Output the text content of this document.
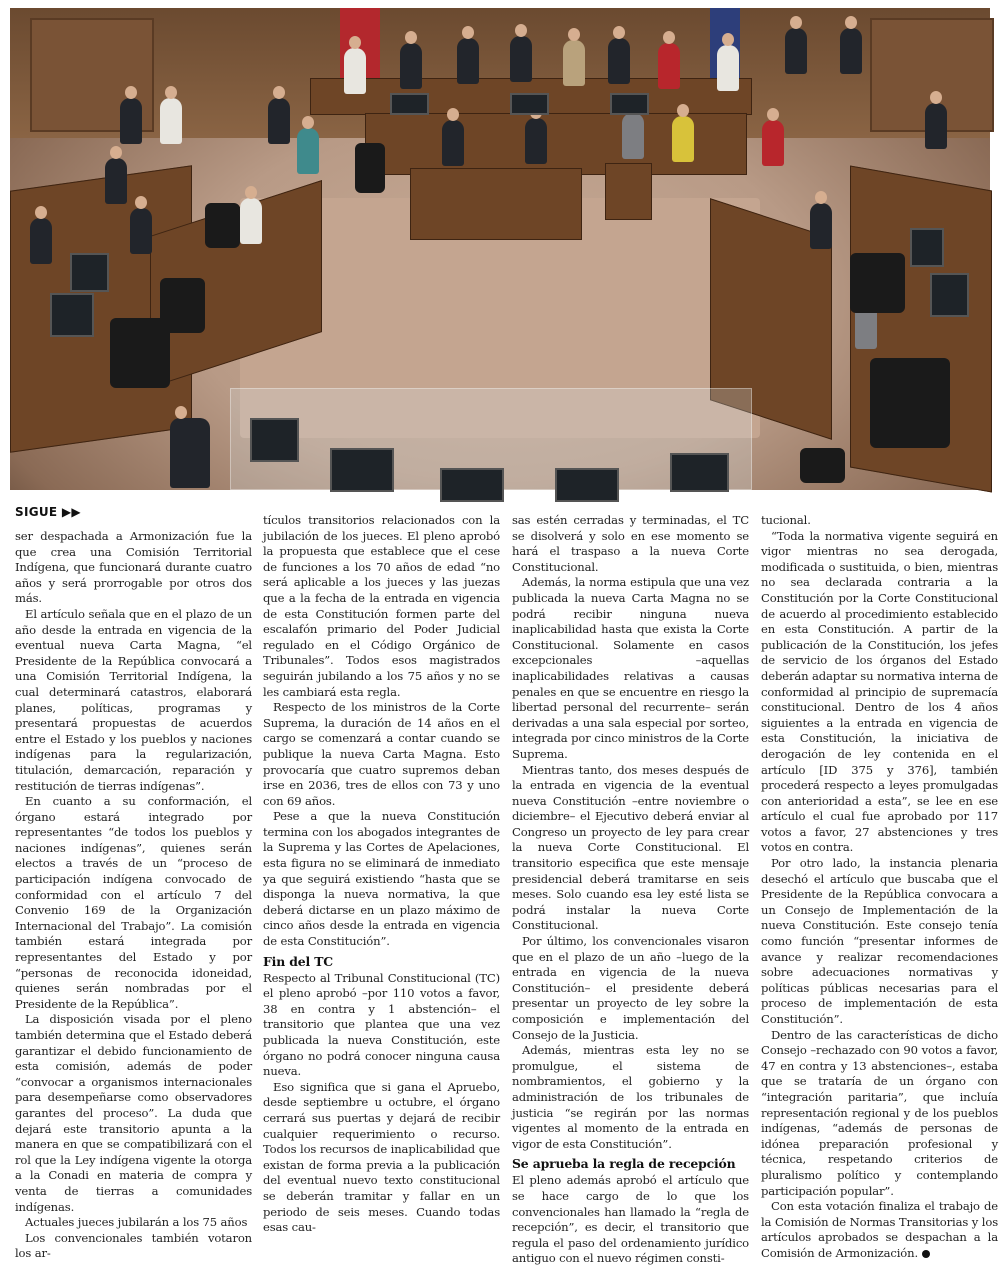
SIGUE ▶▶

ser despachada a Armonización fue la que crea una Comisión Territorial Indígena, que funcionará durante cuatro años y será prorrogable por otros dos más.

El artículo señala que en el plazo de un año desde la entrada en vigencia de la eventual nueva Carta Magna, “el Presidente de la República convocará a una Comisión Territorial Indígena, la cual determinará catastros, elaborará planes, políticas, programas y presentará propuestas de acuerdos entre el Estado y los pueblos y naciones indígenas para la regularización, titulación, demarcación, reparación y restitución de tierras indígenas”.

En cuanto a su conformación, el órgano estará integrado por representantes “de todos los pueblos y naciones indígenas”, quienes serán electos a través de un “proceso de participación indígena convocado de conformidad con el artículo 7 del Convenio 169 de la Organización Internacional del Trabajo”. La comisión también estará integrada por representantes del Estado y por “personas de reconocida idoneidad, quienes serán nombradas por el Presidente de la República”.

La disposición visada por el pleno también determina que el Estado deberá garantizar el debido funcionamiento de esta comisión, además de poder “convocar a organismos internacionales para desempeñarse como observadores garantes del proceso”. La duda que dejará este transitorio apunta a la manera en que se compatibilizará con el rol que la Ley indígena vigente la otorga a la Conadi en materia de compra y venta de tierras a comunidades indígenas.

Actuales jueces jubilarán a los 75 años

Los convencionales también votaron los ar-

tículos transitorios relacionados con la jubilación de los jueces. El pleno aprobó la propuesta que establece que el cese de funciones a los 70 años de edad “no será aplicable a los jueces y las juezas que a la fecha de la entrada en vigencia de esta Constitución formen parte del escalafón primario del Poder Judicial regulado en el Código Orgánico de Tribunales”. Todos esos magistrados seguirán jubilando a los 75 años y no se les cambiará esta regla.

Respecto de los ministros de la Corte Suprema, la duración de 14 años en el cargo se comenzará a contar cuando se publique la nueva Carta Magna. Esto provocaría que cuatro supremos deban irse en 2036, tres de ellos con 73 y uno con 69 años.

Pese a que la nueva Constitución termina con los abogados integrantes de la Suprema y las Cortes de Apelaciones, esta figura no se eliminará de inmediato ya que seguirá existiendo “hasta que se disponga la nueva normativa, la que deberá dictarse en un plazo máximo de cinco años desde la entrada en vigencia de esta Constitución”.

Fin del TC

Respecto al Tribunal Constitucional (TC) el pleno aprobó –por 110 votos a favor, 38 en contra y 1 abstención– el transitorio que plantea que una vez publicada la nueva Constitución, este órgano no podrá conocer ninguna causa nueva.

Eso significa que si gana el Apruebo, desde septiembre u octubre, el órgano cerrará sus puertas y dejará de recibir cualquier requerimiento o recurso. Todos los recursos de inaplicabilidad que existan de forma previa a la publicación del eventual nuevo texto constitucional se deberán tramitar y fallar en un periodo de seis meses. Cuando todas esas cau-

sas estén cerradas y terminadas, el TC se disolverá y solo en ese momento se hará el traspaso a la nueva Corte Constitucional.

Además, la norma estipula que una vez publicada la nueva Carta Magna no se podrá recibir ninguna nueva inaplicabilidad hasta que exista la Corte Constitucional. Solamente en casos excepcionales –aquellas inaplicabilidades relativas a causas penales en que se encuentre en riesgo la libertad personal del recurrente– serán derivadas a una sala especial por sorteo, integrada por cinco ministros de la Corte Suprema.

Mientras tanto, dos meses después de la entrada en vigencia de la eventual nueva Constitución –entre noviembre o diciembre– el Ejecutivo deberá enviar al Congreso un proyecto de ley para crear la nueva Corte Constitucional. El transitorio especifica que este mensaje presidencial deberá tramitarse en seis meses. Solo cuando esa ley esté lista se podrá instalar la nueva Corte Constitucional.

Por último, los convencionales visaron que en el plazo de un año –luego de la entrada en vigencia de la nueva Constitución– el presidente deberá presentar un proyecto de ley sobre la composición e implementación del Consejo de la Justicia.

Además, mientras esta ley no se promulgue, el sistema de nombramientos, el gobierno y la administración de los tribunales de justicia “se regirán por las normas vigentes al momento de la entrada en vigor de esta Constitución”.

Se aprueba la regla de recepción

El pleno además aprobó el artículo que se hace cargo de lo que los convencionales han llamado la “regla de recepción”, es decir, el transitorio que regula el paso del ordenamiento jurídico antiguo con el nuevo régimen consti-

tucional.

“Toda la normativa vigente seguirá en vigor mientras no sea derogada, modificada o sustituida, o bien, mientras no sea declarada contraria a la Constitución por la Corte Constitucional de acuerdo al procedimiento establecido en esta Constitución. A partir de la publicación de la Constitución, los jefes de servicio de los órganos del Estado deberán adaptar su normativa interna de conformidad al principio de supremacía constitucional. Dentro de los 4 años siguientes a la entrada en vigencia de esta Constitución, la iniciativa de derogación de ley contenida en el artículo [ID 375 y 376], también procederá respecto a leyes promulgadas con anterioridad a esta”, se lee en ese artículo el cual fue aprobado por 117 votos a favor, 27 abstenciones y tres votos en contra.

Por otro lado, la instancia plenaria desechó el artículo que buscaba que el Presidente de la República convocara a un Consejo de Implementación de la nueva Constitución. Este consejo tenía como función “presentar informes de avance y realizar recomendaciones sobre adecuaciones normativas y políticas públicas necesarias para el proceso de implementación de esta Constitución”.

Dentro de las características de dicho Consejo –rechazado con 90 votos a favor, 47 en contra y 13 abstenciones–, estaba que se trataría de un órgano con “integración paritaria”, que incluía representación regional y de los pueblos indígenas, “además de personas de idónea preparación profesional y técnica, respetando criterios de pluralismo político y contemplando participación popular”.

Con esta votación finaliza el trabajo de la Comisión de Normas Transitorias y los artículos aprobados se despachan a la Comisión de Armonización.
